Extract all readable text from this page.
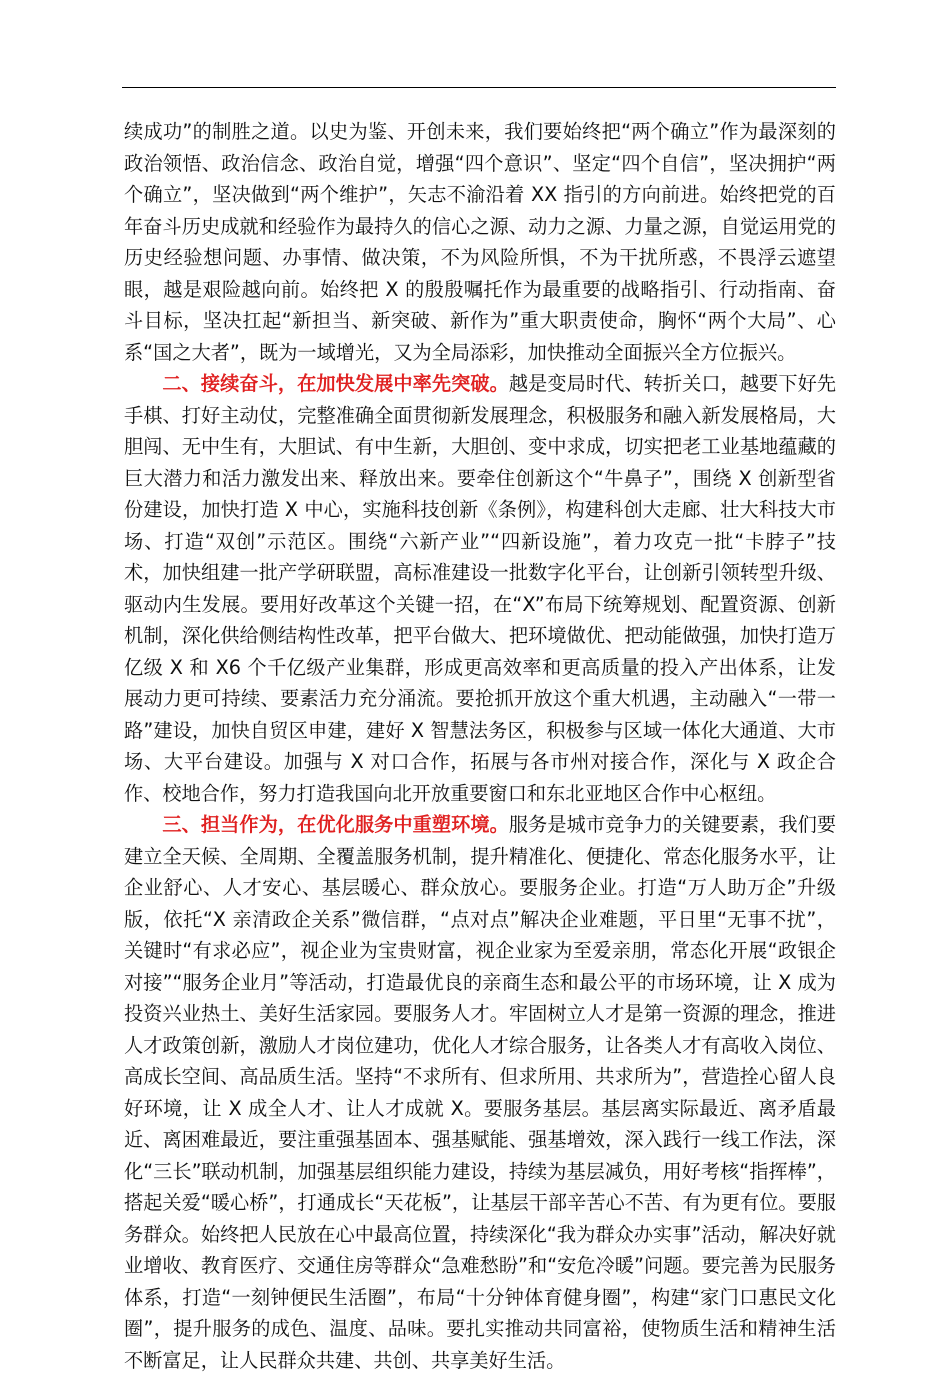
续成功”的制胜之道。以史为鉴、开创未来，我们要始终把“两个确立”作为最深刻的政治领悟、政治信念、政治自觉，增强“四个意识”、坚定“四个自信”，坚决拥护“两个确立”，坚决做到“两个维护”，矢志不渝沿着 XX 指引的方向前进。始终把党的百年奋斗历史成就和经验作为最持久的信心之源、动力之源、力量之源，自觉运用党的历史经验想问题、办事情、做决策，不为风险所惧，不为干扰所惑，不畏浮云遮望眼，越是艰险越向前。始终把 X 的殷殷嘱托作为最重要的战略指引、行动指南、奋斗目标，坚决扛起“新担当、新突破、新作为”重大职责使命，胸怀“两个大局”、心系“国之大者”，既为一域增光，又为全局添彩，加快推动全面振兴全方位振兴。

二、接续奋斗，在加快发展中率先突破。越是变局时代、转折关口，越要下好先手棋、打好主动仗，完整准确全面贯彻新发展理念，积极服务和融入新发展格局，大胆闯、无中生有，大胆试、有中生新，大胆创、变中求成，切实把老工业基地蕴藏的巨大潜力和活力激发出来、释放出来。要牵住创新这个“牛鼻子”，围绕 X 创新型省份建设，加快打造 X 中心，实施科技创新《条例》，构建科创大走廊、壮大科技大市场、打造“双创”示范区。围绕“六新产业”“四新设施”，着力攻克一批“卡脖子”技术，加快组建一批产学研联盟，高标准建设一批数字化平台，让创新引领转型升级、驱动内生发展。要用好改革这个关键一招，在“X”布局下统筹规划、配置资源、创新机制，深化供给侧结构性改革，把平台做大、把环境做优、把动能做强，加快打造万亿级 X 和 X6 个千亿级产业集群，形成更高效率和更高质量的投入产出体系，让发展动力更可持续、要素活力充分涌流。要抢抓开放这个重大机遇，主动融入“一带一路”建设，加快自贸区申建，建好 X 智慧法务区，积极参与区域一体化大通道、大市场、大平台建设。加强与 X 对口合作，拓展与各市州对接合作，深化与 X 政企合作、校地合作，努力打造我国向北开放重要窗口和东北亚地区合作中心枢纽。

三、担当作为，在优化服务中重塑环境。服务是城市竞争力的关键要素，我们要建立全天候、全周期、全覆盖服务机制，提升精准化、便捷化、常态化服务水平，让企业舒心、人才安心、基层暖心、群众放心。要服务企业。打造“万人助万企”升级版，依托“X 亲清政企关系”微信群，“点对点”解决企业难题，平日里“无事不扰”，关键时“有求必应”，视企业为宝贵财富，视企业家为至爱亲朋，常态化开展“政银企对接”“服务企业月”等活动，打造最优良的亲商生态和最公平的市场环境，让 X 成为投资兴业热土、美好生活家园。要服务人才。牢固树立人才是第一资源的理念，推进人才政策创新，激励人才岗位建功，优化人才综合服务，让各类人才有高收入岗位、高成长空间、高品质生活。坚持“不求所有、但求所用、共求所为”，营造拴心留人良好环境，让 X 成全人才、让人才成就 X。要服务基层。基层离实际最近、离矛盾最近、离困难最近，要注重强基固本、强基赋能、强基增效，深入践行一线工作法，深化“三长”联动机制，加强基层组织能力建设，持续为基层减负，用好考核“指挥棒”，搭起关爱“暖心桥”，打通成长“天花板”，让基层干部辛苦心不苦、有为更有位。要服务群众。始终把人民放在心中最高位置，持续深化“我为群众办实事”活动，解决好就业增收、教育医疗、交通住房等群众“急难愁盼”和“安危冷暖”问题。要完善为民服务体系，打造“一刻钟便民生活圈”，布局“十分钟体育健身圈”，构建“家门口惠民文化圈”，提升服务的成色、温度、品味。要扎实推动共同富裕，使物质生活和精神生活不断富足，让人民群众共建、共创、共享美好生活。
